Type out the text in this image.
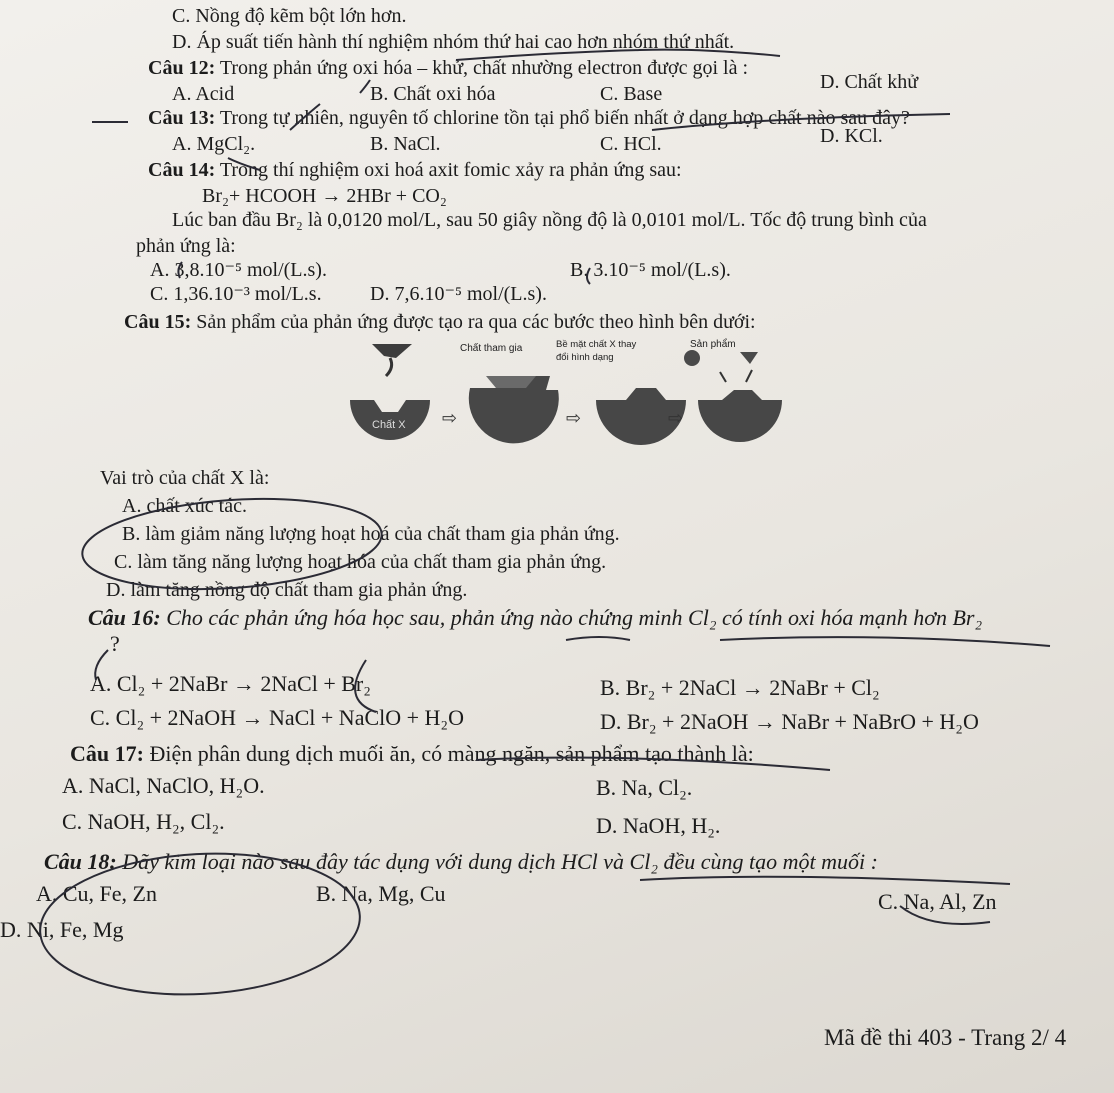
C. Nồng độ kẽm bột lớn hơn.
D. Áp suất tiến hành thí nghiệm nhóm thứ hai cao hơn nhóm thứ nhất.
Câu 12: Trong phản ứng oxi hóa – khử, chất nhường electron được gọi là :
A. Acid	B. Chất oxi hóa	C. Base
D. Chất khử
Câu 13: Trong tự nhiên, nguyên tố chlorine tồn tại phổ biến nhất ở dạng hợp chất nào sau đây?
A. MgCl₂.	B. NaCl.	C. HCl.	D. KCl.
Câu 14: Trong thí nghiệm oxi hoá axit fomic xảy ra phản ứng sau:
Br₂+ HCOOH → 2HBr + CO₂
Lúc ban đầu Br₂ là 0,0120 mol/L, sau 50 giây nồng độ là 0,0101 mol/L. Tốc độ trung bình của
phản ứng là:
A. 3,8.10⁻⁵ mol/(L.s).	B. 3.10⁻⁵ mol/(L.s).
C. 1,36.10⁻³ mol/L.s. D. 7,6.10⁻⁵ mol/(L.s).
Câu 15: Sản phẩm của phản ứng được tạo ra qua các bước theo hình bên dưới:
Chất tham gia	Bề mặt chất X thay
đổi hình dạng
Sản phẩm
Chất X ⇨	⇨	⇨
Vai trò của chất X là:
A. chất xúc tác.
B. làm giảm năng lượng hoạt hoá của chất tham gia phản ứng.
C. làm tăng năng lượng hoạt hóa của chất tham gia phản ứng.
D. làm tăng nồng độ chất tham gia phản ứng.
Câu 16: Cho các phản ứng hóa học sau, phản ứng nào chứng minh Cl₂ có tính oxi hóa mạnh hơn Br₂
?
A. Cl₂ + 2NaBr → 2NaCl + Br₂	B. Br₂ + 2NaCl → 2NaBr + Cl₂
C. Cl₂ + 2NaOH → NaCl + NaClO + H₂O	D. Br₂ + 2NaOH → NaBr + NaBrO + H₂O
Câu 17: Điện phân dung dịch muối ăn, có màng ngăn, sản phẩm tạo thành là:
A. NaCl, NaClO, H₂O.	B. Na, Cl₂.
C. NaOH, H₂, Cl₂.	D. NaOH, H₂.
Câu 18: Dãy kim loại nào sau đây tác dụng với dung dịch HCl và Cl₂ đều cùng tạo một muối :
A. Cu, Fe, Zn	B. Na, Mg, Cu	C. Na, Al, Zn
D. Ni, Fe, Mg
Mã đề thi 403 - Trang 2/ 4
